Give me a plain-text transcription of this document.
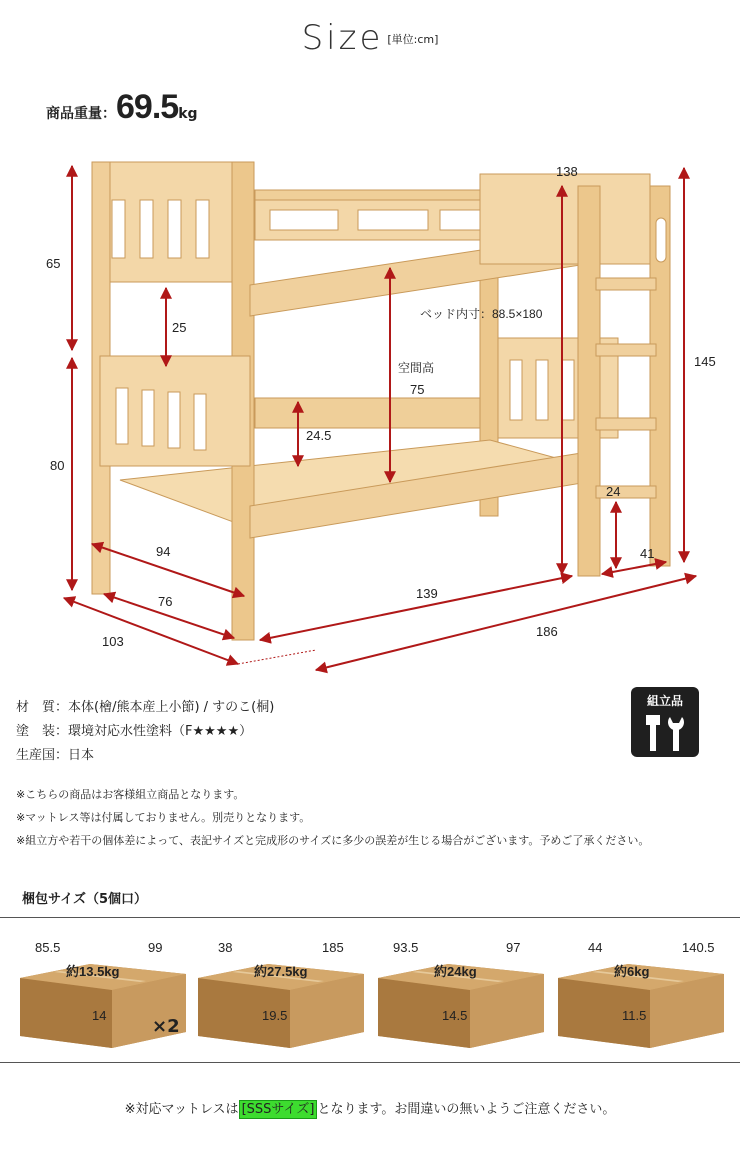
Size [単位:cm]
商品重量：69.5kg
65
80
25
24.5
空間高
75
ベッド内寸：88.5×180
138
145
24
41
94
76
103
139
186
材　質：本体(檜/熊本産上小節) / すのこ(桐)
塗　装：環境対応水性塗料（F★★★★）
生産国：日本
組立品
※こちらの商品はお客様組立商品となります。
※マットレス等は付属しておりません。別売りとなります。
※組立方や若干の個体差によって、表記サイズと完成形のサイズに多少の誤差が生じる場合がございます。予めご了承ください。
梱包サイズ（5個口）
85.5	99
約13.5kg
14
38	185
約27.5kg
19.5
93.5	97
約24kg
14.5
44	140.5
約6kg
11.5
×2
※対応マットレスは [SSSサイズ] となります。お間違いの無いようご注意ください。
